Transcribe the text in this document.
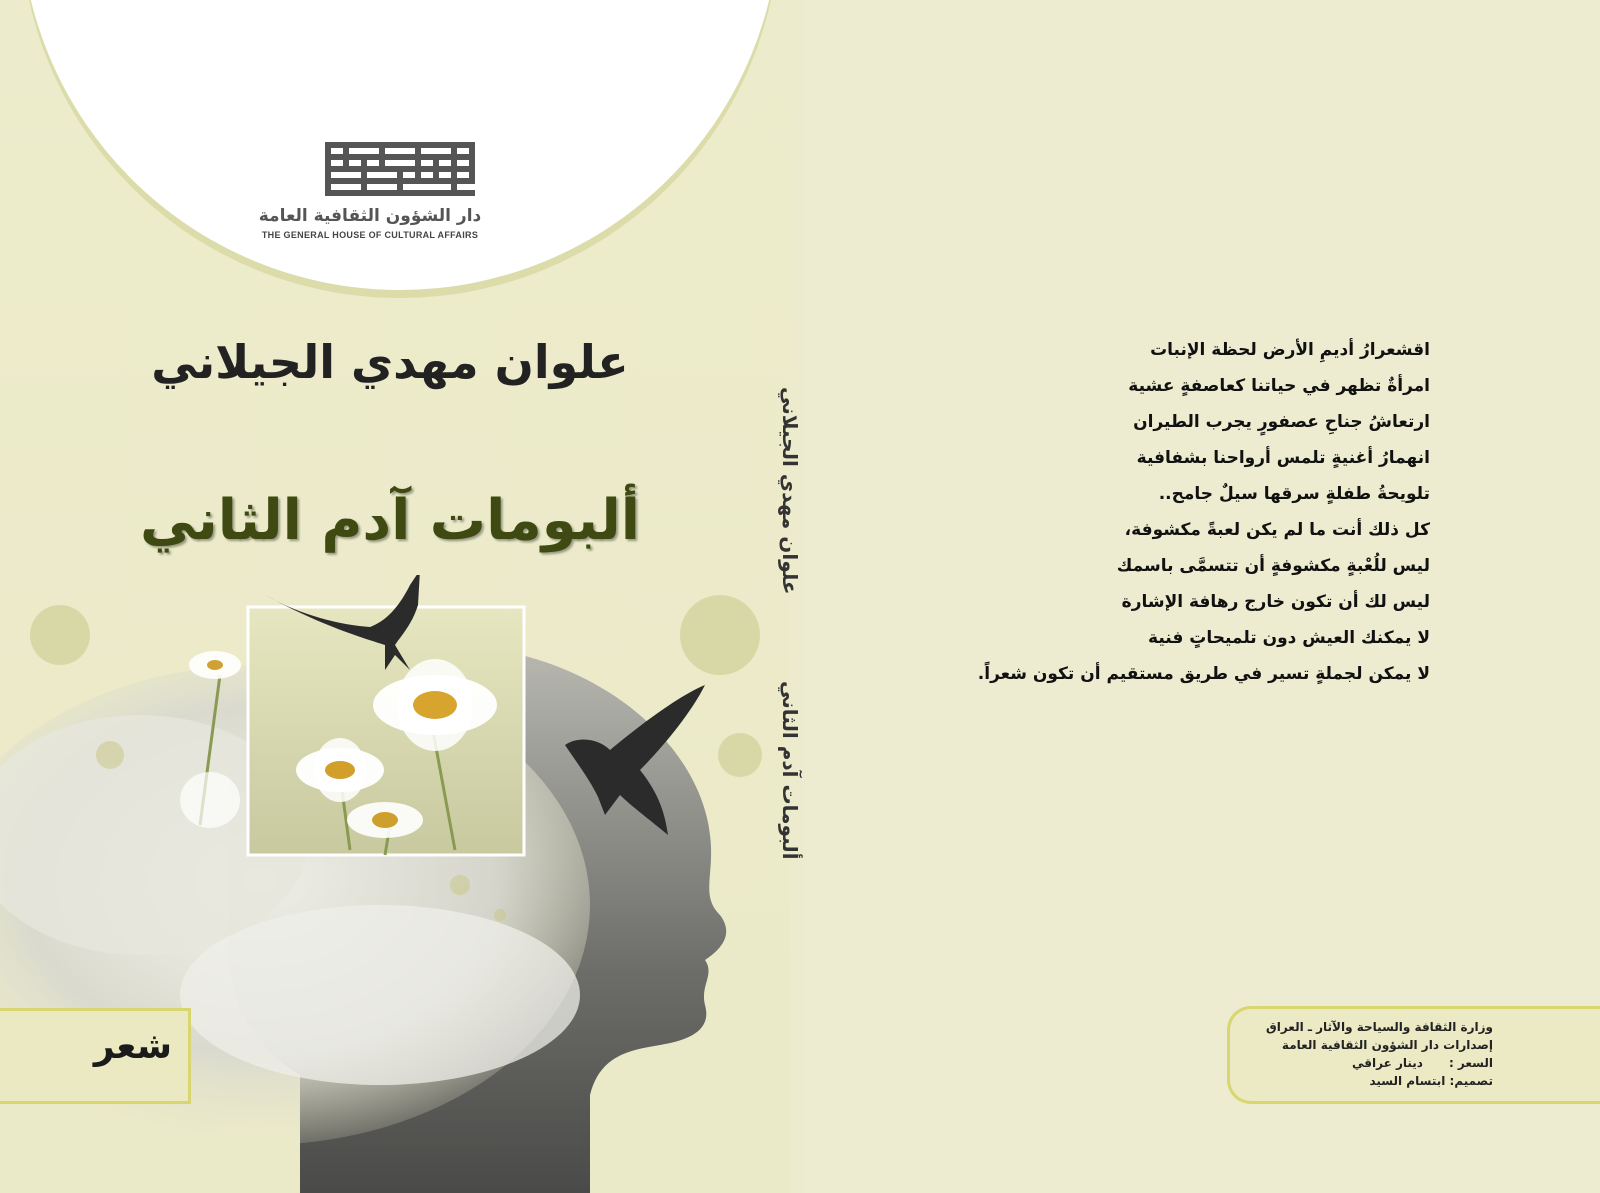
دار الشؤون الثقافية العامة
THE GENERAL HOUSE OF CULTURAL AFFAIRS
علوان مهدي الجيلاني
ألبومات آدم الثاني
شعر
علوان مهدي الجيلاني
ألبومات آدم الثاني
اقشعرارُ أديمِ الأرض لحظة الإنبات
امرأةٌ تظهر في حياتنا كعاصفةٍ عشية
ارتعاشُ جناحِ عصفورٍ يجرب الطيران
انهمارُ أغنيةٍ تلمس أرواحنا بشفافية
تلويحةُ طفلةٍ سرقها سيلٌ جامح..
كل ذلك أنت ما لم يكن لعبةً مكشوفة،
ليس للُعْبةٍ مكشوفةٍ أن تتسمَّى باسمك
ليس لك أن تكون خارج رهافة الإشارة
لا يمكنك العيش دون تلميحاتٍ فنية
لا يمكن لجملةٍ تسير في طريق مستقيم أن تكون شعراً.
وزارة الثقافة والسياحة والآثار ـ العراق
إصدارات دار الشؤون الثقافية العامة
السعر :دينار عراقي
تصميم: ابتسام السيد
